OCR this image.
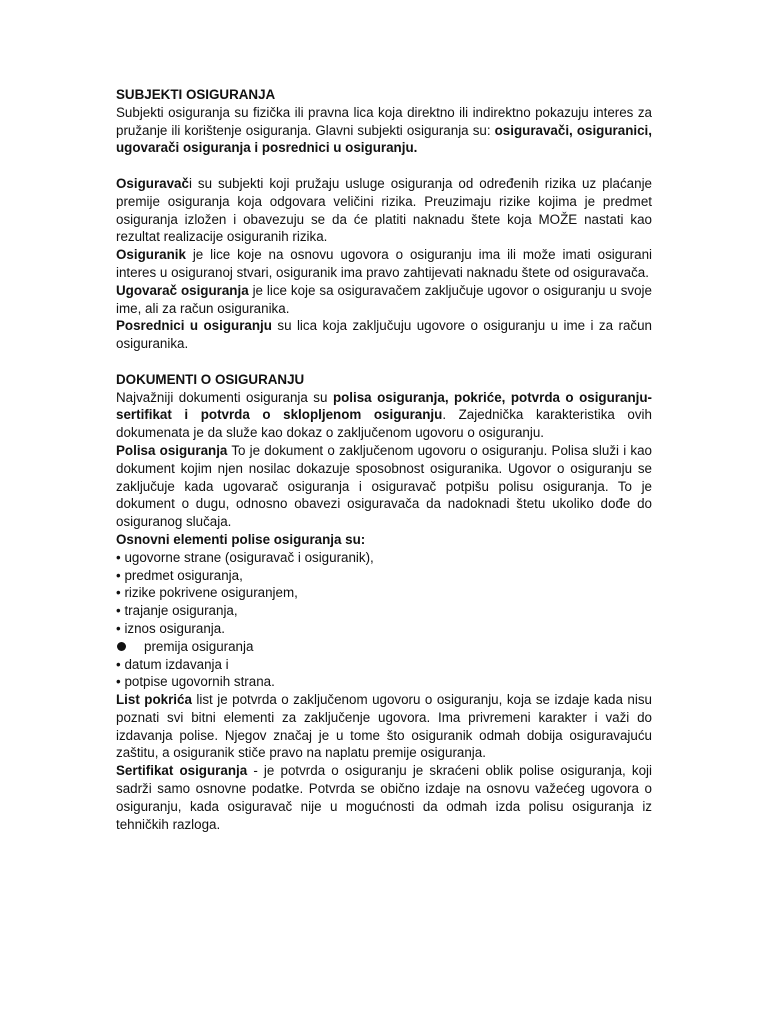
SUBJEKTI OSIGURANJA

Subjekti osiguranja su fizička ili pravna lica koja direktno ili indirektno pokazuju interes za pružanje ili korištenje osiguranja. Glavni subjekti osiguranja su: osiguravači, osiguranici, ugovarači osiguranja i posrednici u osiguranju.

Osiguravači su subjekti koji pružaju usluge osiguranja od određenih rizika uz plaćanje premije osiguranja koja odgovara veličini rizika. Preuzimaju rizike kojima je predmet osiguranja izložen i obavezuju se da će platiti naknadu štete koja MOŽE nastati kao rezultat realizacije osiguranih rizika.

Osiguranik je lice koje na osnovu ugovora o osiguranju ima ili može imati osigurani interes u osiguranoj stvari, osiguranik ima pravo zahtijevati naknadu štete od osiguravača.

Ugovarač osiguranja je lice koje sa osiguravačem zaključuje ugovor o osiguranju u svoje ime, ali za račun osiguranika.

Posrednici u osiguranju su lica koja zaključuju ugovore o osiguranju u ime i za račun osiguranika.

DOKUMENTI O OSIGURANJU

Najvažniji dokumenti osiguranja su polisa osiguranja, pokriće, potvrda o osiguranju-sertifikat i potvrda o sklopljenom osiguranju. Zajednička karakteristika ovih dokumenata je da služe kao dokaz o zaključenom ugovoru o osiguranju.

Polisa osiguranja To je dokument o zaključenom ugovoru o osiguranju. Polisa služi i kao dokument kojim njen nosilac dokazuje sposobnost osiguranika. Ugovor o osiguranju se zaključuje kada ugovarač osiguranja i osiguravač potpišu polisu osiguranja. To je dokument o dugu, odnosno obavezi osiguravača da nadoknadi štetu ukoliko dođe do osiguranog slučaja.

Osnovni elementi polise osiguranja su:

• ugovorne strane (osiguravač i osiguranik),
• predmet osiguranja,
• rizike pokrivene osiguranjem,
• trajanje osiguranja,
• iznos osiguranja.
premija osiguranja
• datum izdavanja i
• potpise ugovornih strana.

List pokrića list je potvrda o zaključenom ugovoru o osiguranju, koja se izdaje kada nisu poznati svi bitni elementi za zaključenje ugovora. Ima privremeni karakter i važi do izdavanja polise. Njegov značaj je u tome što osiguranik odmah dobija osiguravajuću zaštitu, a osiguranik stiče pravo na naplatu premije osiguranja.

Sertifikat osiguranja - je potvrda o osiguranju je skraćeni oblik polise osiguranja, koji sadrži samo osnovne podatke. Potvrda se obično izdaje na osnovu važećeg ugovora o osiguranju, kada osiguravač nije u mogućnosti da odmah izda polisu osiguranja iz tehničkih razloga.
